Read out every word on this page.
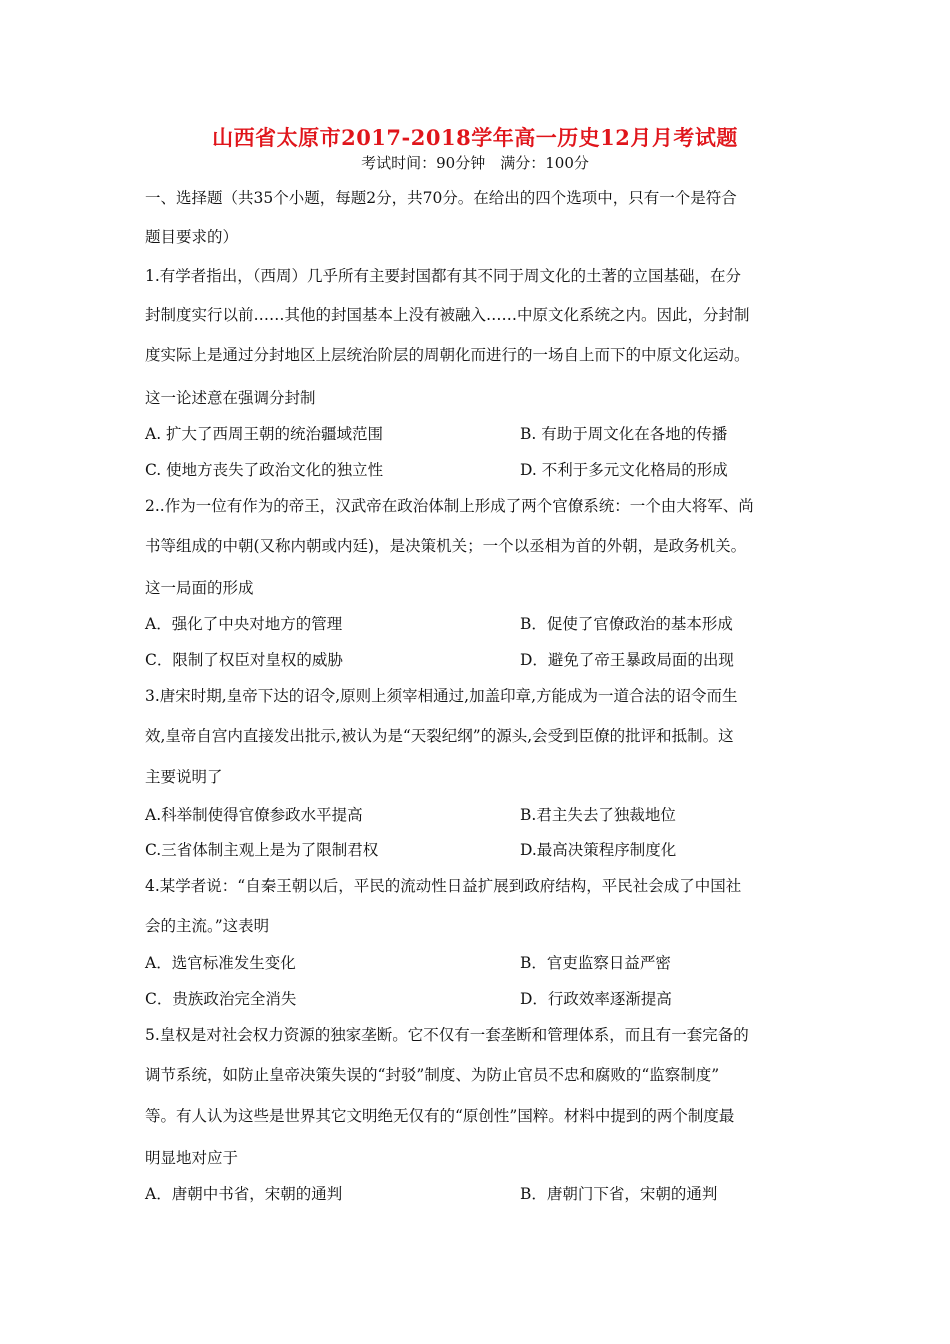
山西省太原市2017-2018学年高一历史12月月考试题
考试时间：90分钟　满分：100分
一、选择题（共35个小题，每题2分，共70分。在给出的四个选项中，只有一个是符合
题目要求的）
1.有学者指出，（西周）几乎所有主要封国都有其不同于周文化的土著的立国基础，在分
封制度实行以前……其他的封国基本上没有被融入……中原文化系统之内。因此，分封制
度实际上是通过分封地区上层统治阶层的周朝化而进行的一场自上而下的中原文化运动。
这一论述意在强调分封制
A. 扩大了西周王朝的统治疆域范围	B. 有助于周文化在各地的传播
C. 使地方丧失了政治文化的独立性	D. 不利于多元文化格局的形成
2..作为一位有作为的帝王，汉武帝在政治体制上形成了两个官僚系统：一个由大将军、尚
书等组成的中朝(又称内朝或内廷)，是决策机关；一个以丞相为首的外朝，是政务机关。
这一局面的形成
A．强化了中央对地方的管理	B．促使了官僚政治的基本形成
C．限制了权臣对皇权的威胁	D．避免了帝王暴政局面的出现
3.唐宋时期,皇帝下达的诏令,原则上须宰相通过,加盖印章,方能成为一道合法的诏令而生
效,皇帝自宫内直接发出批示,被认为是“天裂纪纲”的源头,会受到臣僚的批评和抵制。这
主要说明了
A.科举制使得官僚参政水平提高	B.君主失去了独裁地位
C.三省体制主观上是为了限制君权	D.最高决策程序制度化
4.某学者说：“自秦王朝以后，平民的流动性日益扩展到政府结构，平民社会成了中国社
会的主流。”这表明
A．选官标准发生变化	B．官吏监察日益严密
C．贵族政治完全消失	D．行政效率逐渐提高
5.皇权是对社会权力资源的独家垄断。它不仅有一套垄断和管理体系，而且有一套完备的
调节系统，如防止皇帝决策失误的“封驳”制度、为防止官员不忠和腐败的“监察制度”
等。有人认为这些是世界其它文明绝无仅有的“原创性”国粹。材料中提到的两个制度最
明显地对应于
A．唐朝中书省，宋朝的通判	B．唐朝门下省，宋朝的通判
